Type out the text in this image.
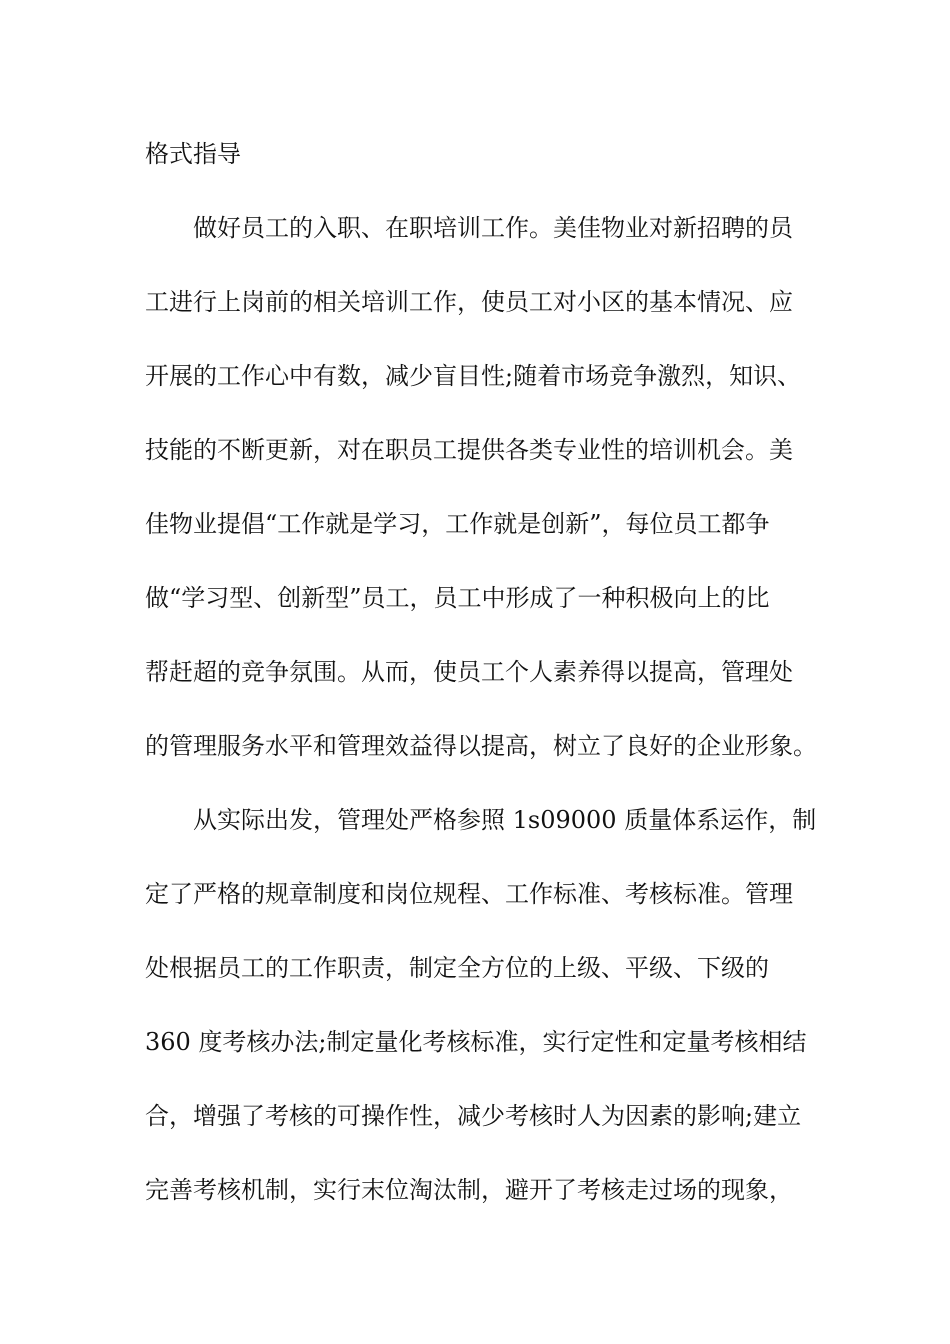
格式指导

做好员工的入职、在职培训工作。美佳物业对新招聘的员

工进行上岗前的相关培训工作，使员工对小区的基本情况、应

开展的工作心中有数，减少盲目性;随着市场竞争激烈，知识、

技能的不断更新，对在职员工提供各类专业性的培训机会。美

佳物业提倡“工作就是学习，工作就是创新”，每位员工都争

做“学习型、创新型”员工，员工中形成了一种积极向上的比

帮赶超的竞争氛围。从而，使员工个人素养得以提高，管理处

的管理服务水平和管理效益得以提高，树立了良好的企业形象。

从实际出发，管理处严格参照 1s09000 质量体系运作，制

定了严格的规章制度和岗位规程、工作标准、考核标准。管理

处根据员工的工作职责，制定全方位的上级、平级、下级的

360 度考核办法;制定量化考核标准，实行定性和定量考核相结

合，增强了考核的可操作性，减少考核时人为因素的影响;建立

完善考核机制，实行末位淘汰制，避开了考核走过场的现象，
